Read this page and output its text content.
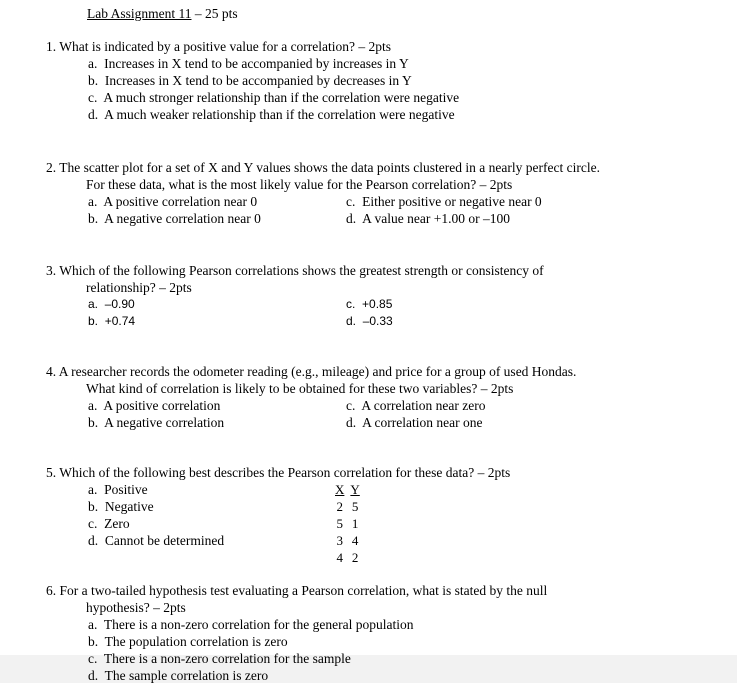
Lab Assignment 11 – 25 pts
1. What is indicated by a positive value for a correlation? – 2pts
a. Increases in X tend to be accompanied by increases in Y
b. Increases in X tend to be accompanied by decreases in Y
c. A much stronger relationship than if the correlation were negative
d. A much weaker relationship than if the correlation were negative
2. The scatter plot for a set of X and Y values shows the data points clustered in a nearly perfect circle.
For these data, what is the most likely value for the Pearson correlation? – 2pts
a. A positive correlation near 0
b. A negative correlation near 0
c. Either positive or negative near 0
d. A value near +1.00 or –100
3. Which of the following Pearson correlations shows the greatest strength or consistency of
relationship? – 2pts
a. –0.90
b. +0.74
c. +0.85
d. –0.33
4. A researcher records the odometer reading (e.g., mileage) and price for a group of used Hondas.
What kind of correlation is likely to be obtained for these two variables? – 2pts
a. A positive correlation
b. A negative correlation
c. A correlation near zero
d. A correlation near one
5. Which of the following best describes the Pearson correlation for these data? – 2pts
a. Positive
b. Negative
c. Zero
d. Cannot be determined
X	Y
2	5
5	1
3	4
4	2
6. For a two-tailed hypothesis test evaluating a Pearson correlation, what is stated by the null
hypothesis? – 2pts
a. There is a non-zero correlation for the general population
b. The population correlation is zero
c. There is a non-zero correlation for the sample
d. The sample correlation is zero
